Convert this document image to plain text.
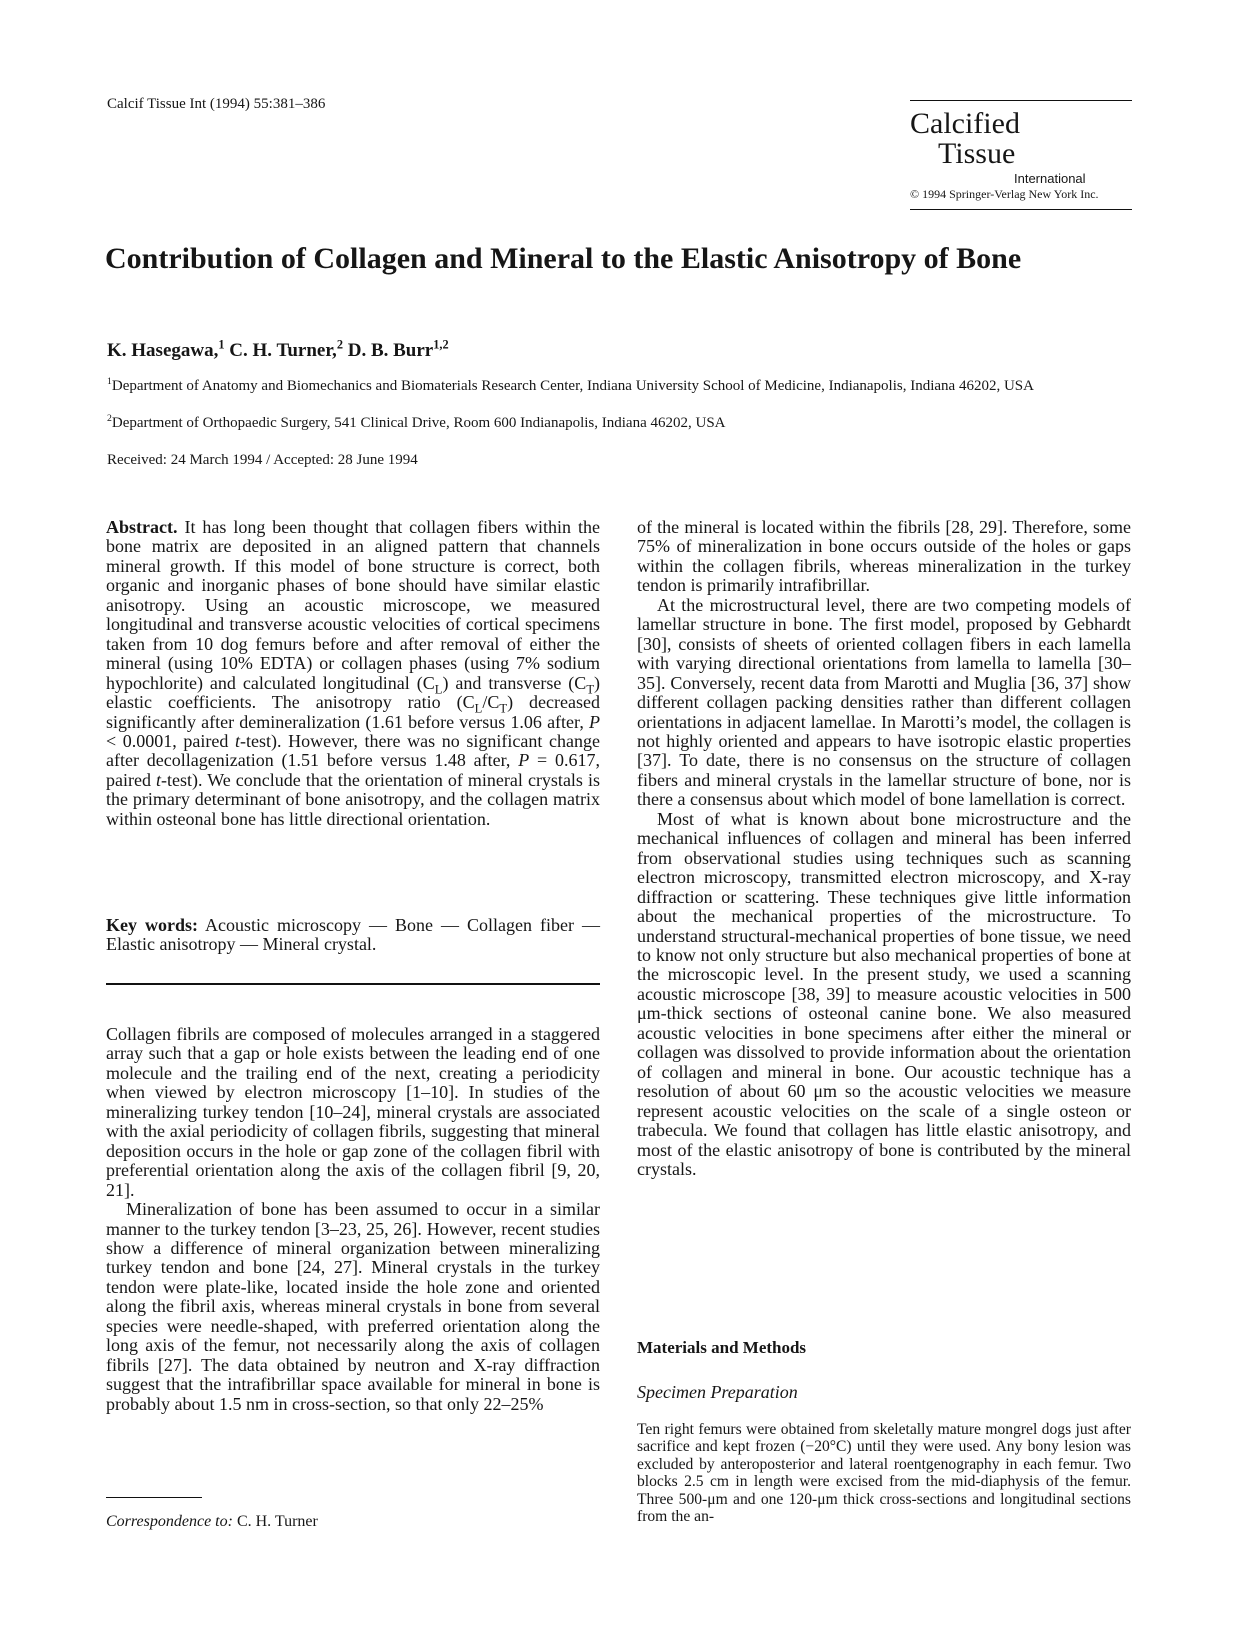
Calcif Tissue Int (1994) 55:381–386
Calcified
Tissue
International
© 1994 Springer-Verlag New York Inc.
Contribution of Collagen and Mineral to the Elastic Anisotropy of Bone
K. Hasegawa,$^1$ C. H. Turner,$^2$ D. B. Burr$^{1,2}$
$^1$Department of Anatomy and Biomechanics and Biomaterials Research Center, Indiana University School of Medicine, Indianapolis, Indiana 46202, USA
$^2$Department of Orthopaedic Surgery, 541 Clinical Drive, Room 600 Indianapolis, Indiana 46202, USA
Received: 24 March 1994 / Accepted: 28 June 1994

Abstract. It has long been thought that collagen fibers within the bone matrix are deposited in an aligned pattern that channels mineral growth. If this model of bone structure is correct, both organic and inorganic phases of bone should have similar elastic anisotropy. Using an acoustic microscope, we measured longitudinal and transverse acoustic velocities of cortical specimens taken from 10 dog femurs before and after removal of either the mineral (using 10% EDTA) or collagen phases (using 7% sodium hypochlorite) and calculated longitudinal $(C_L)$ and transverse $(C_T)$ elastic coefficients. The anisotropy ratio $(C_L/C_T)$ decreased significantly after demineralization (1.61 before versus 1.06 after, P < 0.0001, paired t-test). However, there was no significant change after decollagenization (1.51 before versus 1.48 after, P = 0.617, paired t-test). We conclude that the orientation of mineral crystals is the primary determinant of bone anisotropy, and the collagen matrix within osteonal bone has little directional orientation.

Key words: Acoustic microscopy — Bone — Collagen fiber — Elastic anisotropy — Mineral crystal.

Collagen fibrils are composed of molecules arranged in a staggered array such that a gap or hole exists between the leading end of one molecule and the trailing end of the next, creating a periodicity when viewed by electron microscopy [1–10]. In studies of the mineralizing turkey tendon [10–24], mineral crystals are associated with the axial periodicity of collagen fibrils, suggesting that mineral deposition occurs in the hole or gap zone of the collagen fibril with preferential orientation along the axis of the collagen fibril [9, 20, 21].

Mineralization of bone has been assumed to occur in a similar manner to the turkey tendon [3–23, 25, 26]. However, recent studies show a difference of mineral organization between mineralizing turkey tendon and bone [24, 27]. Mineral crystals in the turkey tendon were plate-like, located inside the hole zone and oriented along the fibril axis, whereas mineral crystals in bone from several species were needle-shaped, with preferred orientation along the long axis of the femur, not necessarily along the axis of collagen fibrils [27]. The data obtained by neutron and X-ray diffraction suggest that the intrafibrillar space available for mineral in bone is probably about 1.5 nm in cross-section, so that only 22–25%

Correspondence to: C. H. Turner

of the mineral is located within the fibrils [28, 29]. Therefore, some 75% of mineralization in bone occurs outside of the holes or gaps within the collagen fibrils, whereas mineralization in the turkey tendon is primarily intrafibrillar.

At the microstructural level, there are two competing models of lamellar structure in bone. The first model, proposed by Gebhardt [30], consists of sheets of oriented collagen fibers in each lamella with varying directional orientations from lamella to lamella [30–35]. Conversely, recent data from Marotti and Muglia [36, 37] show different collagen packing densities rather than different collagen orientations in adjacent lamellae. In Marotti’s model, the collagen is not highly oriented and appears to have isotropic elastic properties [37]. To date, there is no consensus on the structure of collagen fibers and mineral crystals in the lamellar structure of bone, nor is there a consensus about which model of bone lamellation is correct.

Most of what is known about bone microstructure and the mechanical influences of collagen and mineral has been inferred from observational studies using techniques such as scanning electron microscopy, transmitted electron microscopy, and X-ray diffraction or scattering. These techniques give little information about the mechanical properties of the microstructure. To understand structural-mechanical properties of bone tissue, we need to know not only structure but also mechanical properties of bone at the microscopic level. In the present study, we used a scanning acoustic microscope [38, 39] to measure acoustic velocities in 500 μm-thick sections of osteonal canine bone. We also measured acoustic velocities in bone specimens after either the mineral or collagen was dissolved to provide information about the orientation of collagen and mineral in bone. Our acoustic technique has a resolution of about 60 μm so the acoustic velocities we measure represent acoustic velocities on the scale of a single osteon or trabecula. We found that collagen has little elastic anisotropy, and most of the elastic anisotropy of bone is contributed by the mineral crystals.

Materials and Methods
Specimen Preparation

Ten right femurs were obtained from skeletally mature mongrel dogs just after sacrifice and kept frozen (−20°C) until they were used. Any bony lesion was excluded by anteroposterior and lateral roentgenography in each femur. Two blocks 2.5 cm in length were excised from the mid-diaphysis of the femur. Three 500-μm and one 120-μm thick cross-sections and longitudinal sections from the an-
